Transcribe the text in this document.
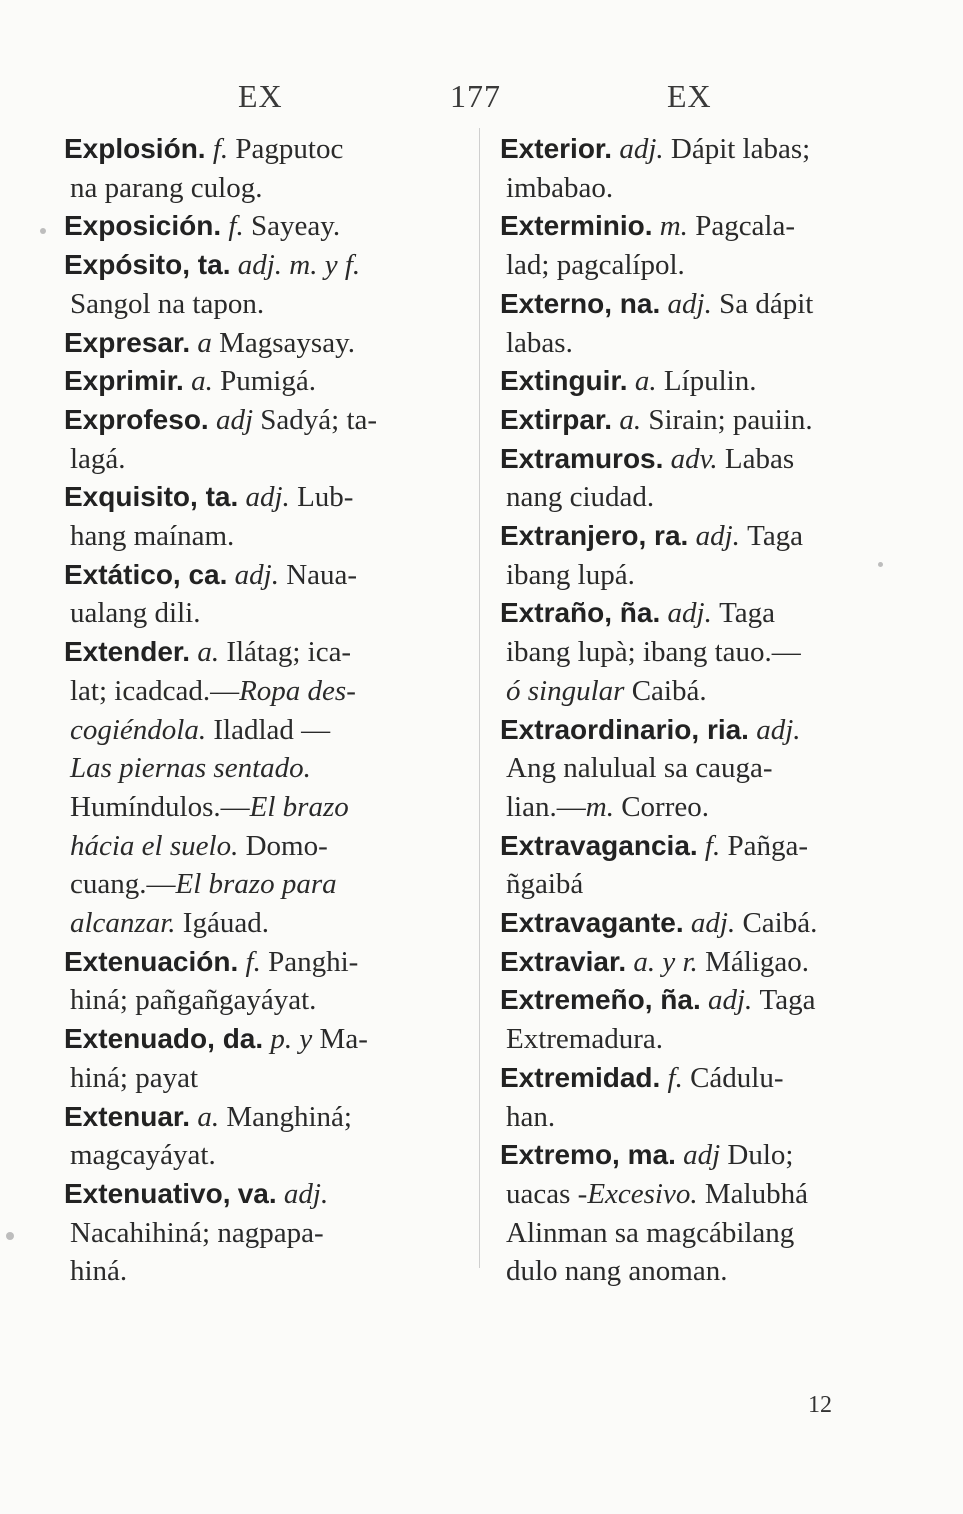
EX	177	EX
Explosión. f. Pagputoc
na parang culog.
Exposición. f. Sayeay.
Expósito, ta. adj. m. y f.
Sangol na tapon.
Expresar. a Magsaysay.
Exprimir. a. Pumigá.
Exprofeso. adj Sadyá; ta-
lagá.
Exquisito, ta. adj. Lub-
hang maínam.
Extático, ca. adj. Naua-
ualang dili.
Extender. a. Ilátag; ica-
lat; icadcad.—Ropa des-
cogiéndola. Iladlad —
Las piernas sentado.
Humíndulos.—El brazo
hácia el suelo. Domo-
cuang.—El brazo para
alcanzar. Igáuad.
Extenuación. f. Panghi-
hiná; pañgañgayáyat.
Extenuado, da. p. y Ma-
hiná; payat
Extenuar. a. Manghiná;
magcayáyat.
Extenuativo, va. adj.
Nacahihiná; nagpapa-
hiná.
Exterior. adj. Dápit labas;
imbabao.
Exterminio. m. Pagcala-
lad; pagcalípol.
Externo, na. adj. Sa dápit
labas.
Extinguir. a. Lípulin.
Extirpar. a. Sirain; pauiin.
Extramuros. adv. Labas
nang ciudad.
Extranjero, ra. adj. Taga
ibang lupá.
Extraño, ña. adj. Taga
ibang lupà; ibang tauo.—
ó singular Caibá.
Extraordinario, ria. adj.
Ang nalulual sa cauga-
lian.—m. Correo.
Extravagancia. f. Pañga-
ñgaibá
Extravagante. adj. Caibá.
Extraviar. a. y r. Máligao.
Extremeño, ña. adj. Taga
Extremadura.
Extremidad. f. Cádulu-
han.
Extremo, ma. adj Dulo;
uacas -Excesivo. Malubhá
Alinman sa magcábilang
dulo nang anoman.
12
